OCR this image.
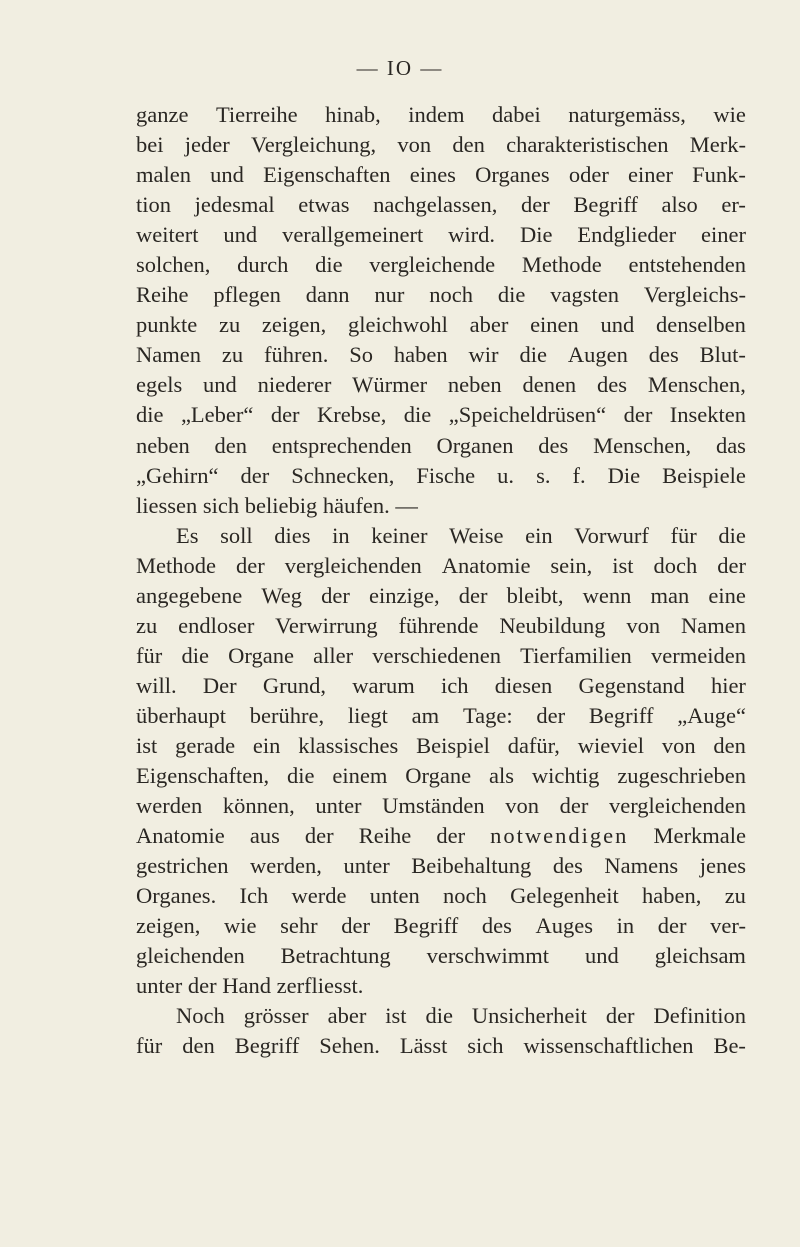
— IO —
ganze Tierreihe hinab, indem dabei naturgemäss, wie
bei jeder Vergleichung, von den charakteristischen Merk-
malen und Eigenschaften eines Organes oder einer Funk-
tion jedesmal etwas nachgelassen, der Begriff also er-
weitert und verallgemeinert wird. Die Endglieder einer
solchen, durch die vergleichende Methode entstehenden
Reihe pflegen dann nur noch die vagsten Vergleichs-
punkte zu zeigen, gleichwohl aber einen und denselben
Namen zu führen. So haben wir die Augen des Blut-
egels und niederer Würmer neben denen des Menschen,
die „Leber“ der Krebse, die „Speicheldrüsen“ der Insekten
neben den entsprechenden Organen des Menschen, das
„Gehirn“ der Schnecken, Fische u. s. f. Die Beispiele
liessen sich beliebig häufen. —
Es soll dies in keiner Weise ein Vorwurf für die
Methode der vergleichenden Anatomie sein, ist doch der
angegebene Weg der einzige, der bleibt, wenn man eine
zu endloser Verwirrung führende Neubildung von Namen
für die Organe aller verschiedenen Tierfamilien vermeiden
will. Der Grund, warum ich diesen Gegenstand hier
überhaupt berühre, liegt am Tage: der Begriff „Auge“
ist gerade ein klassisches Beispiel dafür, wieviel von den
Eigenschaften, die einem Organe als wichtig zugeschrieben
werden können, unter Umständen von der vergleichenden
Anatomie aus der Reihe der notwendigen Merkmale
gestrichen werden, unter Beibehaltung des Namens jenes
Organes. Ich werde unten noch Gelegenheit haben, zu
zeigen, wie sehr der Begriff des Auges in der ver-
gleichenden Betrachtung verschwimmt und gleichsam
unter der Hand zerfliesst.
Noch grösser aber ist die Unsicherheit der Definition
für den Begriff Sehen. Lässt sich wissenschaftlichen Be-
